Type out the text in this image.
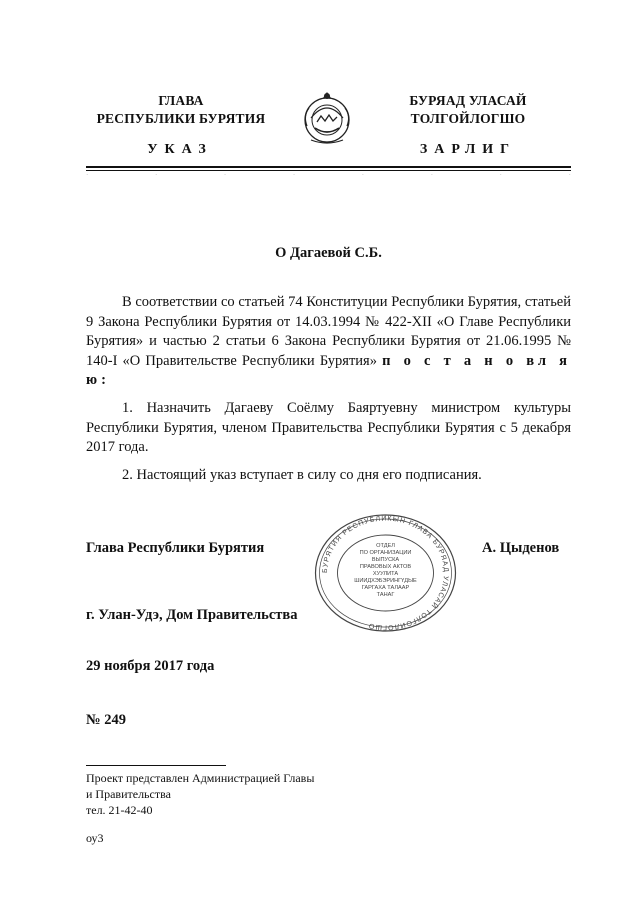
ГЛАВА
РЕСПУБЛИКИ БУРЯТИЯ
БУРЯАД УЛАСАЙ
ТОЛГОЙЛОГШО
УКАЗ	ЗАРЛИГ
·	·	·	·	·	·	·	·
О Дагаевой С.Б.
В соответствии со статьей 74 Конституции Республики Бурятия, статьей 9 Закона Республики Бурятия от 14.03.1994 № 422-XII «О Главе Республики Бурятия» и частью 2 статьи 6 Закона Республики Бурятия от 21.06.1995 № 140-I «О Правительстве Республики Бурятия» п о с т а н о вл я ю:
1. Назначить Дагаеву Соёлму Баяртуевну министром культуры Республики Бурятия, членом Правительства Республики Бурятия с 5 декабря 2017 года.
2. Настоящий указ вступает в силу со дня его подписания.
Глава Республики Бурятия	А. Цыденов
БУРЯТИЯ РЕСПУБЛИКЫН ГЛАВА БУРЯАД УЛАСАЙ ТОЛГОЙЛОГШО
ОТДЕЛ
ПО ОРГАНИЗАЦИИ
ВЫПУСКА
ПРАВОВЫХ АКТОВ
ХУУЛИТА
ШИИДХЭБЭРИНГҮДЫЕ
ГАРГАХА ТАЛААР
ТАНАГ
г. Улан-Удэ, Дом Правительства
29 ноября 2017 года
№ 249
Проект представлен Администрацией Главы
и Правительства
тел. 21-42-40
оу3
